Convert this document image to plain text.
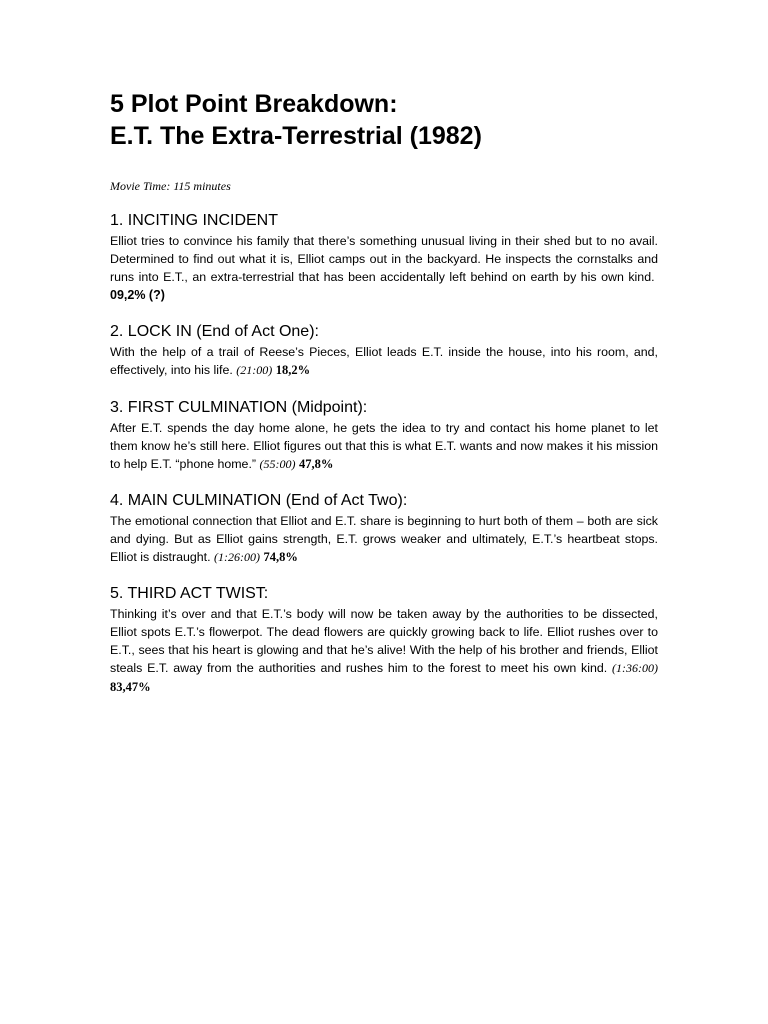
5 Plot Point Breakdown:
E.T. The Extra-Terrestrial (1982)
Movie Time: 115 minutes
1. INCITING INCIDENT

Elliot tries to convince his family that there’s something unusual living in their shed but to no avail. Determined to find out what it is, Elliot camps out in the backyard. He inspects the cornstalks and runs into E.T., an extra-terrestrial that has been accidentally left behind on earth by his own kind.  09,2% (?)

2. LOCK IN (End of Act One):

With the help of a trail of Reese’s Pieces, Elliot leads E.T. inside the house, into his room, and, effectively, into his life. (21:00) 18,2%

3. FIRST CULMINATION (Midpoint):

After E.T. spends the day home alone, he gets the idea to try and contact his home planet to let them know he’s still here. Elliot figures out that this is what E.T. wants and now makes it his mission to help E.T. “phone home.” (55:00) 47,8%

4. MAIN CULMINATION (End of Act Two):

The emotional connection that Elliot and E.T. share is beginning to hurt both of them – both are sick and dying. But as Elliot gains strength, E.T. grows weaker and ultimately, E.T.’s heartbeat stops. Elliot is distraught. (1:26:00) 74,8%

5. THIRD ACT TWIST:

Thinking it’s over and that E.T.’s body will now be taken away by the authorities to be dissected, Elliot spots E.T.’s flowerpot. The dead flowers are quickly growing back to life. Elliot rushes over to E.T., sees that his heart is glowing and that he’s alive! With the help of his brother and friends, Elliot steals E.T. away from the authorities and rushes him to the forest to meet his own kind. (1:36:00) 83,47%
